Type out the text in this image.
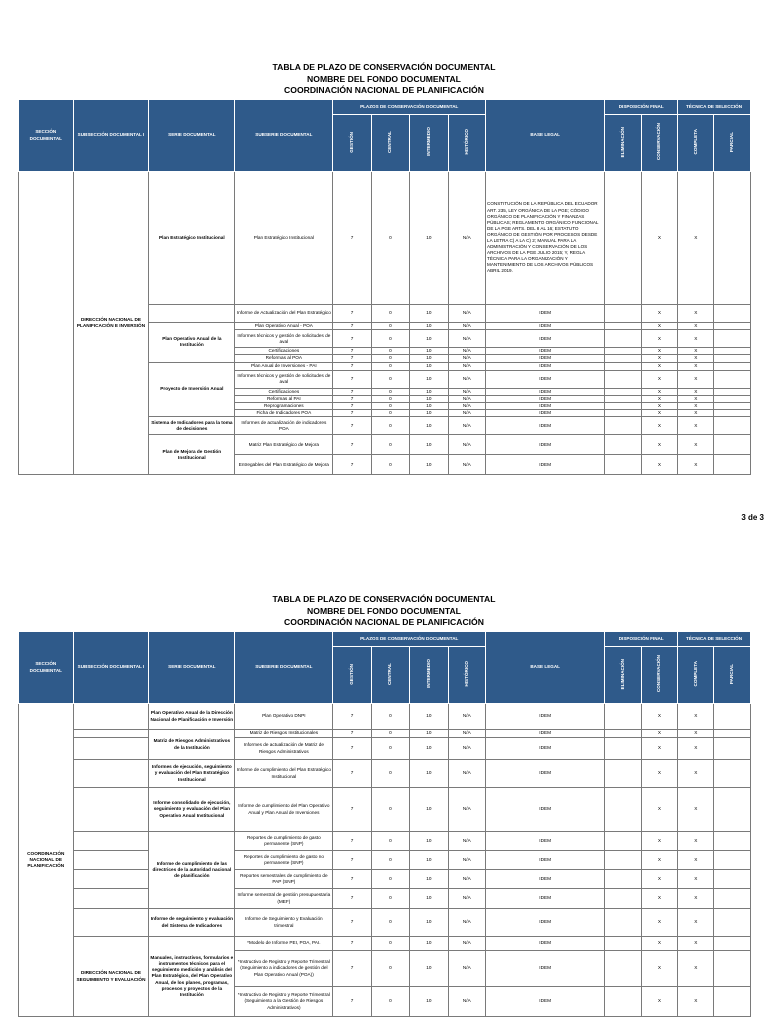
TABLA DE PLAZO DE CONSERVACIÓN DOCUMENTAL
NOMBRE DEL FONDO DOCUMENTAL
COORDINACIÓN NACIONAL DE PLANIFICACIÓN
SECCIÓN DOCUMENTAL	SUBSECCIÓN DOCUMENTAL I	SERIE DOCUMENTAL	SUBSERIE DOCUMENTAL	PLAZOS DE CONSERVACIÓN DOCUMENTAL				BASE LEGAL	DISPOSICIÓN FINAL		TÉCNICA DE SELECCIÓN	
				GESTIÓN	CENTRAL	INTERMEDIO	HISTÓRICO		ELIMINACIÓN	CONSERVACIÓN	COMPLETA	PARCIAL
	DIRECCIÓN NACIONAL DE PLANIFICACIÓN E INVERSIÓN	Plan Estratégico Institucional	Plan Estratégico Institucional	7	0	10	N/A	CONSTITUCIÓN DE LA REPÚBLICA DEL ECUADOR ART. 235, LEY ORGÁNICA DE LA PGE; CÓDIGO ORGÁNICO DE PLANIFICACIÓN Y FINANZAS PÚBLICAS; REGLAMENTO ORGÁNICO FUNCIONAL DE LA PGE ARTS. DEL 8 AL 16; ESTATUTO ORGÁNICO DE GESTIÓN POR PROCESOS DESDE LA LETRA C) A LA C) 2; MANUAL PARA LA ADMINISTRACIÓN Y CONSERVACIÓN DE LOS ARCHIVOS DE LA PGE JULIO 2015; Y, REGLA TÉCNICA PARA LA ORGANIZACIÓN Y MANTENIMIENTO DE LOS ARCHIVOS PÚBLICOS ABRIL 2019.		X	X	
			Informe de Actualización del Plan Estratégico	7	0	10	N/A	IDEM		X	X	
		Plan Operativo Anual de la Institución	Plan Operativo Anual - POA	7	0	10	N/A	IDEM		X	X	
			Informes técnicos y gestión de solicitudes de aval	7	0	10	N/A	IDEM		X	X	
			Certificaciones	7	0	10	N/A	IDEM		X	X	
			Reformas al POA	7	0	10	N/A	IDEM		X	X	
		Proyecto de Inversión Anual	Plan Anual de Inversiones - PAI	7	0	10	N/A	IDEM		X	X	
			Informes técnicos y gestión de solicitudes de aval	7	0	10	N/A	IDEM		X	X	
			Certificaciones	7	0	10	N/A	IDEM		X	X	
			Reformas al PAI	7	0	10	N/A	IDEM		X	X	
			Reprogramaciones	7	0	10	N/A	IDEM		X	X	
			Ficha de Indicadores POA	7	0	10	N/A	IDEM		X	X	
		Sistema de Indicadores para la toma de decisiones	Informes de actualización de indicadores POA	7	0	10	N/A	IDEM		X	X	
		Plan de Mejora de Gestión Institucional	Matriz Plan Estratégico de Mejora	7	0	10	N/A	IDEM		X	X	
			Entregables del Plan Estratégico de Mejora	7	0	10	N/A	IDEM		X	X	
3 de 3
TABLA DE PLAZO DE CONSERVACIÓN DOCUMENTAL
NOMBRE DEL FONDO DOCUMENTAL
COORDINACIÓN NACIONAL DE PLANIFICACIÓN
SECCIÓN DOCUMENTAL	SUBSECCIÓN DOCUMENTAL I	SERIE DOCUMENTAL	SUBSERIE DOCUMENTAL	PLAZOS DE CONSERVACIÓN DOCUMENTAL				BASE LEGAL	DISPOSICIÓN FINAL		TÉCNICA DE SELECCIÓN	
				GESTIÓN	CENTRAL	INTERMEDIO	HISTÓRICO		ELIMINACIÓN	CONSERVACIÓN	COMPLETA	PARCIAL
COORDINACIÓN NACIONAL DE PLANIFICACIÓN		Plan Operativo Anual de la Dirección Nacional de Planificación e Inversión	Plan Operativo DNPI	7	0	10	N/A	IDEM		X	X	
		Matriz de Riesgos Administrativos de la Institución	Matriz de Riesgos Institucionales	7	0	10	N/A	IDEM		X	X	
			Informes de actualización de Matriz de Riesgos Administrativos	7	0	10	N/A	IDEM		X	X	
		Informes de ejecución, seguimiento y evaluación del Plan Estratégico Institucional	Informe de cumplimiento del Plan Estratégico Institucional	7	0	10	N/A	IDEM		X	X	
		Informe consolidado de ejecución, seguimiento y evaluación del Plan Operativo Anual Institucional	Informe de cumplimiento del Plan Operativo Anual y Plan Anual de Inversiones	7	0	10	N/A	IDEM		X	X	
		Informe de cumplimiento de las directrices de la autoridad nacional de planificación	Reportes de cumplimiento de gasto permanente (SNP)	7	0	10	N/A	IDEM		X	X	
			Reportes de cumplimiento de gasto no permanente (SNP)	7	0	10	N/A	IDEM		X	X	
			Reportes semestrales de cumplimiento de PAP (SNP)	7	0	10	N/A	IDEM		X	X	
			Informe semestral de gestión presupuestaria (MEF)	7	0	10	N/A	IDEM		X	X	
		Informe de seguimiento y evaluación del Sistema de Indicadores	Informe de Seguimiento y Evaluación trimestral	7	0	10	N/A	IDEM		X	X	
	DIRECCIÓN NACIONAL DE SEGUIMIENTO Y EVALUACIÓN	Manuales, instructivos, formularios e instrumentos técnicos para el seguimiento medición y análisis del Plan Estratégico, del Plan Operativo Anual, de los planes, programas, procesos y proyectos de la Institución	*Modelo de Informe PEI, POA, PAI.	7	0	10	N/A	IDEM		X	X	
			*Instructivo de Registro y Reporte Trimestral (Seguimiento a indicadores de gestión del Plan Operativo Anual (POA))	7	0	10	N/A	IDEM		X	X	
			*Instructivo de Registro y Reporte Trimestral (Seguimiento a la Gestión de Riesgos Administrativos)	7	0	10	N/A	IDEM		X	X	
